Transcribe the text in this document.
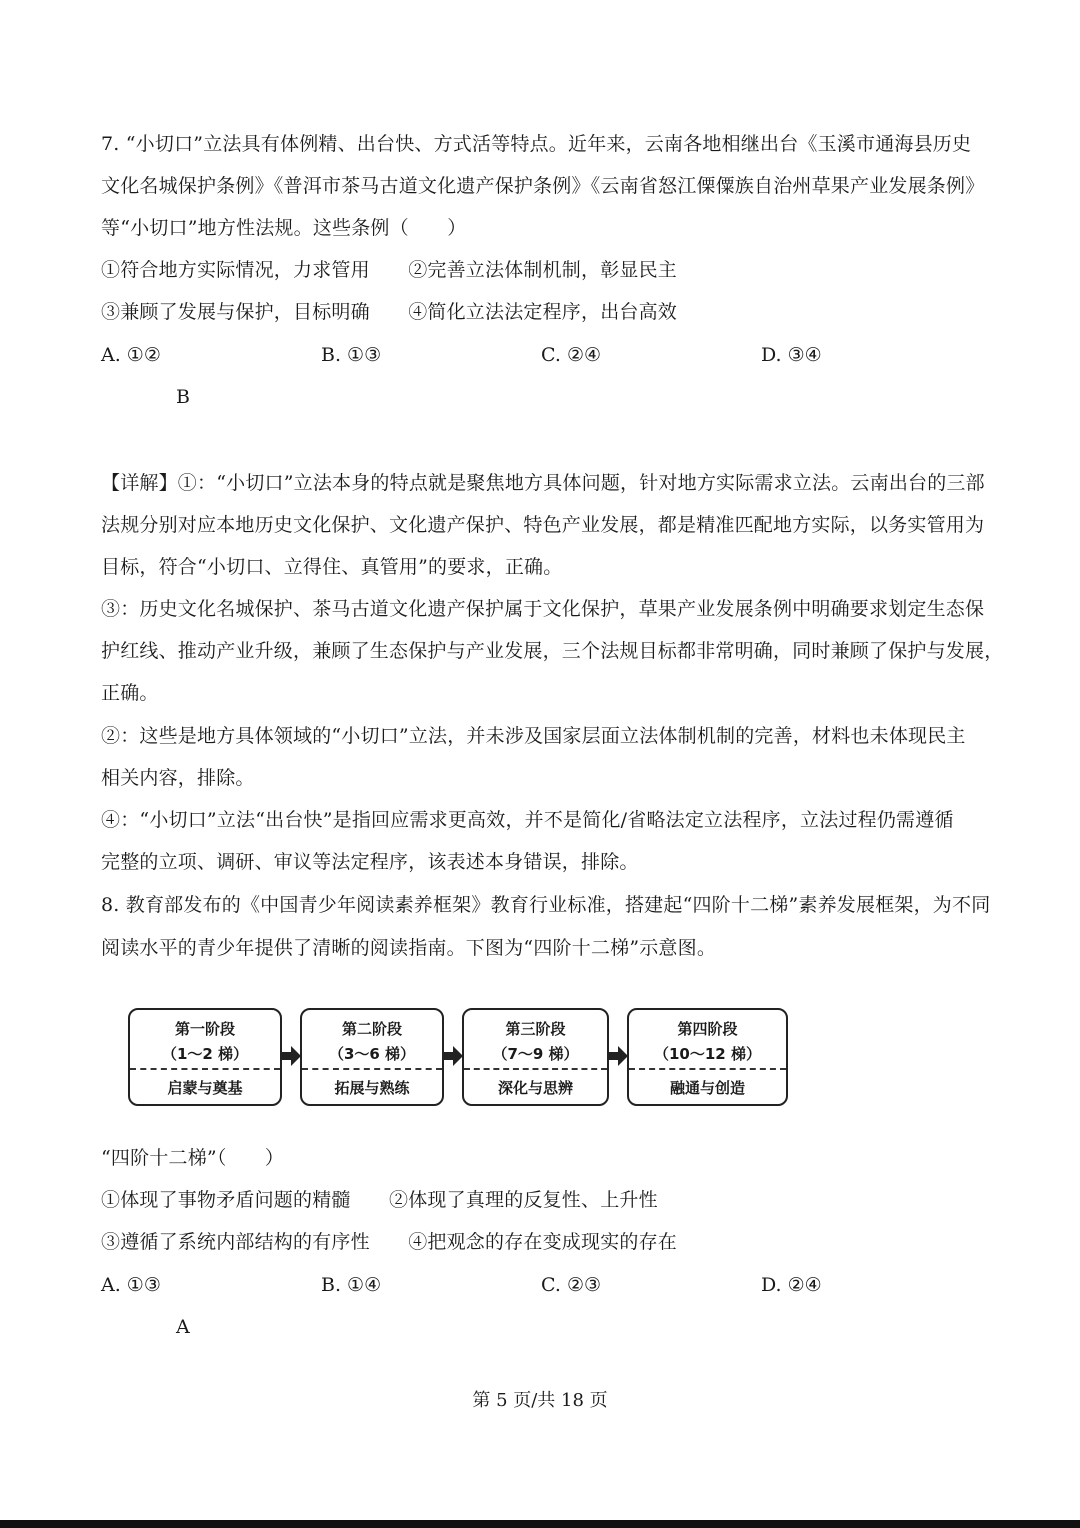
7. “小切口”立法具有体例精、出台快、方式活等特点。近年来，云南各地相继出台《玉溪市通海县历史
文化名城保护条例》《普洱市茶马古道文化遗产保护条例》《云南省怒江傈僳族自治州草果产业发展条例》
等“小切口”地方性法规。这些条例（　　）
①符合地方实际情况，力求管用　　②完善立法体制机制，彰显民主
③兼顾了发展与保护，目标明确　　④简化立法法定程序，出台高效
A. ①②	B. ①③	C. ②④	D. ③④
B
【详解】①：“小切口”立法本身的特点就是聚焦地方具体问题，针对地方实际需求立法。云南出台的三部
法规分别对应本地历史文化保护、文化遗产保护、特色产业发展，都是精准匹配地方实际，以务实管用为
目标，符合“小切口、立得住、真管用”的要求，正确。
③：历史文化名城保护、茶马古道文化遗产保护属于文化保护，草果产业发展条例中明确要求划定生态保
护红线、推动产业升级，兼顾了生态保护与产业发展，三个法规目标都非常明确，同时兼顾了保护与发展，
正确。
②：这些是地方具体领域的“小切口”立法，并未涉及国家层面立法体制机制的完善，材料也未体现民主
相关内容，排除。
④：“小切口”立法“出台快”是指回应需求更高效，并不是简化/省略法定立法程序，立法过程仍需遵循
完整的立项、调研、审议等法定程序，该表述本身错误，排除。
8. 教育部发布的《中国青少年阅读素养框架》教育行业标准，搭建起“四阶十二梯”素养发展框架，为不同
阅读水平的青少年提供了清晰的阅读指南。下图为“四阶十二梯”示意图。
第一阶段
（1～2 梯）
启蒙与奠基
第二阶段
（3～6 梯）
拓展与熟练
第三阶段
（7～9 梯）
深化与思辨
第四阶段
（10～12 梯）
融通与创造
“四阶十二梯”（　　）
①体现了事物矛盾问题的精髓　　②体现了真理的反复性、上升性
③遵循了系统内部结构的有序性　　④把观念的存在变成现实的存在
A. ①③	B. ①④	C. ②③	D. ②④
A
第 5 页/共 18 页
